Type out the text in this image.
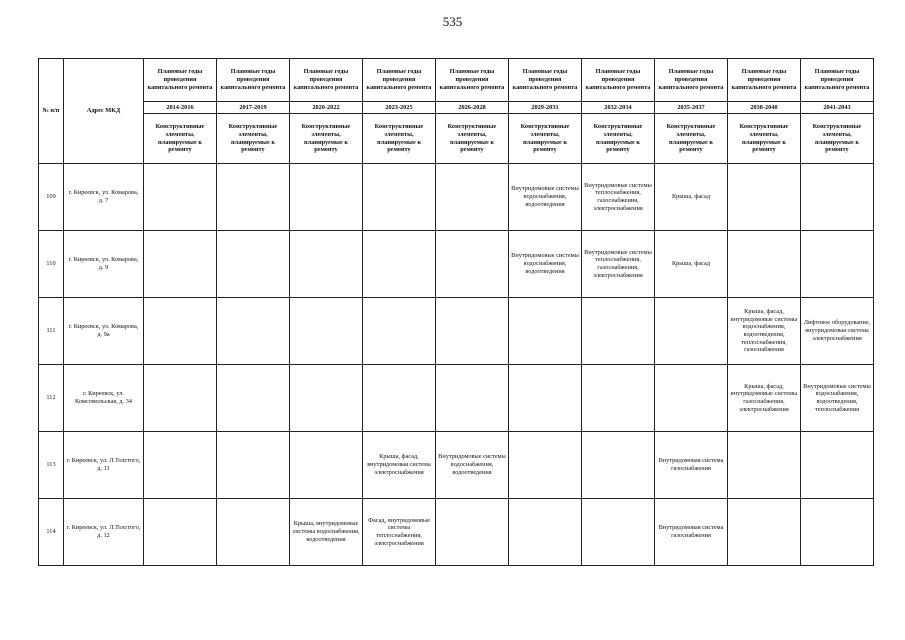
535
№ п/п	Адрес МКД	Плановые годы проведения капитального ремонта	Плановые годы проведения капитального ремонта	Плановые годы проведения капитального ремонта	Плановые годы проведения капитального ремонта	Плановые годы проведения капитального ремонта	Плановые годы проведения капитального ремонта	Плановые годы проведения капитального ремонта	Плановые годы проведения капитального ремонта	Плановые годы проведения капитального ремонта	Плановые годы проведения капитального ремонта
		2014-2016	2017-2019	2020-2022	2023-2025	2026-2028	2029-2031	2032-2034	2035-2037	2038-2040	2041-2043
		Конструктивные элементы, планируемые к ремонту	Конструктивные элементы, планируемые к ремонту	Конструктивные элементы, планируемые к ремонту	Конструктивные элементы, планируемые к ремонту	Конструктивные элементы, планируемые к ремонту	Конструктивные элементы, планируемые к ремонту	Конструктивные элементы, планируемые к ремонту	Конструктивные элементы, планируемые к ремонту	Конструктивные элементы, планируемые к ремонту	Конструктивные элементы, планируемые к ремонту
109	г. Киреевск, ул. Комарова, д. 7						Внутридомовые системы водоснабжения, водоотведения	Внутридомовые системы теплоснабжения, газоснабжения, электроснабжения	Крыша, фасад		
110	г. Киреевск, ул. Комарова, д. 9						Внутридомовые системы водоснабжения, водоотведения	Внутридомовые системы теплоснабжения, газоснабжения, электроснабжения	Крыша, фасад		
111	г. Киреевск, ул. Комарова, д. 9а									Крыша, фасад, внутридомовые системы водоснабжения, водоотведения, теплоснабжения, газоснабжения	Лифтовое оборудование, внутридомовая система электроснабжения
112	г. Киреевск, ул. Комсомольская, д. 34									Крыша, фасад, внутридомовые системы газоснабжения, электроснабжения	Внутридомовые системы водоснабжения, водоотведения, теплоснабжения
113	г. Киреевск, ул. Л.Толстого, д. 11				Крыша, фасад, внутридомовая система электроснабжения	Внутридомовые системы водоснабжения, водоотведения			Внутридомовая система газоснабжения		
114	г. Киреевск, ул. Л.Толстого, д. 12			Крыша, внутридомовые системы водоснабжения, водоотведения	Фасад, внутридомовые системы теплоснабжения, электроснабжения				Внутридомовая система газоснабжения		
